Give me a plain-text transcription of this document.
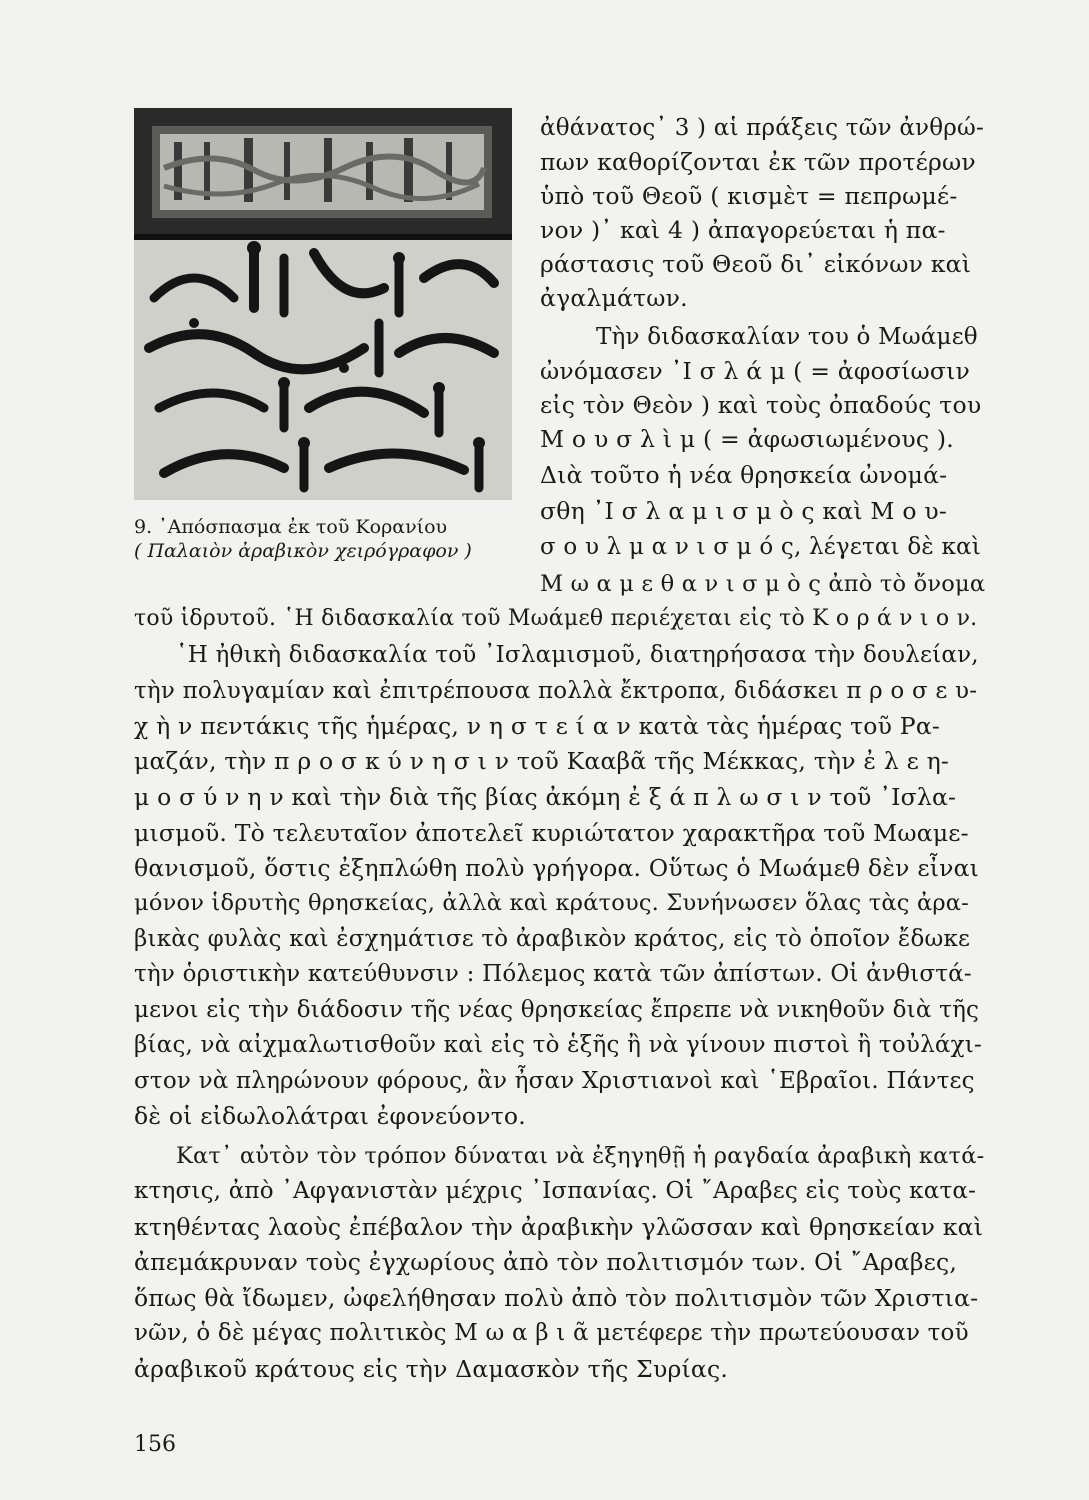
9. ᾿Απόσπασμα ἐκ τοῦ Κορανίου

( Παλαιὸν ἀραβικὸν χειρόγραφον )
ἀθάνατος᾿ 3 ) αἱ πράξεις τῶν ἀνθρώ-
πων καθορίζονται ἐκ τῶν προτέρων
ὑπὸ τοῦ Θεοῦ ( κισμὲτ = πεπρωμέ-
νον )᾿ καὶ 4 ) ἀπαγορεύεται ἡ πα-
ράστασις τοῦ Θεοῦ δι᾿ εἰκόνων καὶ
ἀγαλμάτων.
Τὴν διδασκαλίαν του ὁ Μωάμεθ
ὠνόμασεν ᾿Ι σ λ ά μ ( = ἀφοσίωσιν
εἰς τὸν Θεὸν ) καὶ τοὺς ὀπαδούς του
Μ ο υ σ λ ὶ μ ( = ἀφωσιωμένους ).
Διὰ τοῦτο ἡ νέα θρησκεία ὠνομά-
σθη ᾿Ι σ λ α μ ι σ μ ὸ ς καὶ Μ ο υ-
σ ο υ λ μ α ν ι σ μ ό ς, λέγεται δὲ καὶ
Μ ω α μ ε θ α ν ι σ μ ὸ ς ἀπὸ τὸ ὄνομα
τοῦ ἱδρυτοῦ. ῾Η διδασκαλία τοῦ Μωάμεθ περιέχεται εἰς τὸ Κ ο ρ ά ν ι ο ν.
῾Η ἠθικὴ διδασκαλία τοῦ ᾿Ισλαμισμοῦ, διατηρήσασα τὴν δουλείαν,
τὴν πολυγαμίαν καὶ ἐπιτρέπουσα πολλὰ ἔκτροπα, διδάσκει π ρ ο σ ε υ-
χ ὴ ν πεντάκις τῆς ἡμέρας, ν η σ τ ε ί α ν κατὰ τὰς ἡμέρας τοῦ Ρα-
μαζάν, τὴν π ρ ο σ κ ύ ν η σ ι ν τοῦ Κααβᾶ τῆς Μέκκας, τὴν ἐ λ ε η-
μ ο σ ύ ν η ν καὶ τὴν διὰ τῆς βίας ἀκόμη ἐ ξ ά π λ ω σ ι ν τοῦ ᾿Ισλα-
μισμοῦ. Τὸ τελευταῖον ἀποτελεῖ κυριώτατον χαρακτῆρα τοῦ Μωαμε-
θανισμοῦ, ὅστις ἐξηπλώθη πολὺ γρήγορα. Οὕτως ὁ Μωάμεθ δὲν εἶναι
μόνον ἱδρυτὴς θρησκείας, ἀλλὰ καὶ κράτους. Συνήνωσεν ὅλας τὰς ἀρα-
βικὰς φυλὰς καὶ ἐσχημάτισε τὸ ἀραβικὸν κράτος, εἰς τὸ ὁποῖον ἔδωκε
τὴν ὁριστικὴν κατεύθυνσιν : Πόλεμος κατὰ τῶν ἀπίστων. Οἱ ἀνθιστά-
μενοι εἰς τὴν διάδοσιν τῆς νέας θρησκείας ἔπρεπε νὰ νικηθοῦν διὰ τῆς
βίας, νὰ αἰχμαλωτισθοῦν καὶ εἰς τὸ ἑξῆς ἢ νὰ γίνουν πιστοὶ ἢ τοὐλάχι-
στον νὰ πληρώνουν φόρους, ἂν ἦσαν Χριστιανοὶ καὶ ῾Εβραῖοι. Πάντες
δὲ οἱ εἰδωλολάτραι ἐφονεύοντο.
Κατ᾿ αὐτὸν τὸν τρόπον δύναται νὰ ἐξηγηθῇ ἡ ραγδαία ἀραβικὴ κατά-
κτησις, ἀπὸ ᾿Αφγανιστὰν μέχρις ᾿Ισπανίας. Οἱ ῎Αραβες εἰς τοὺς κατα-
κτηθέντας λαοὺς ἐπέβαλον τὴν ἀραβικὴν γλῶσσαν καὶ θρησκείαν καὶ
ἀπεμάκρυναν τοὺς ἐγχωρίους ἀπὸ τὸν πολιτισμόν των. Οἱ ῎Αραβες,
ὅπως θὰ ἴδωμεν, ὠφελήθησαν πολὺ ἀπὸ τὸν πολιτισμὸν τῶν Χριστια-
νῶν, ὁ δὲ μέγας πολιτικὸς Μ ω α β ι ᾶ μετέφερε τὴν πρωτεύουσαν τοῦ
ἀραβικοῦ κράτους εἰς τὴν Δαμασκὸν τῆς Συρίας.
156
